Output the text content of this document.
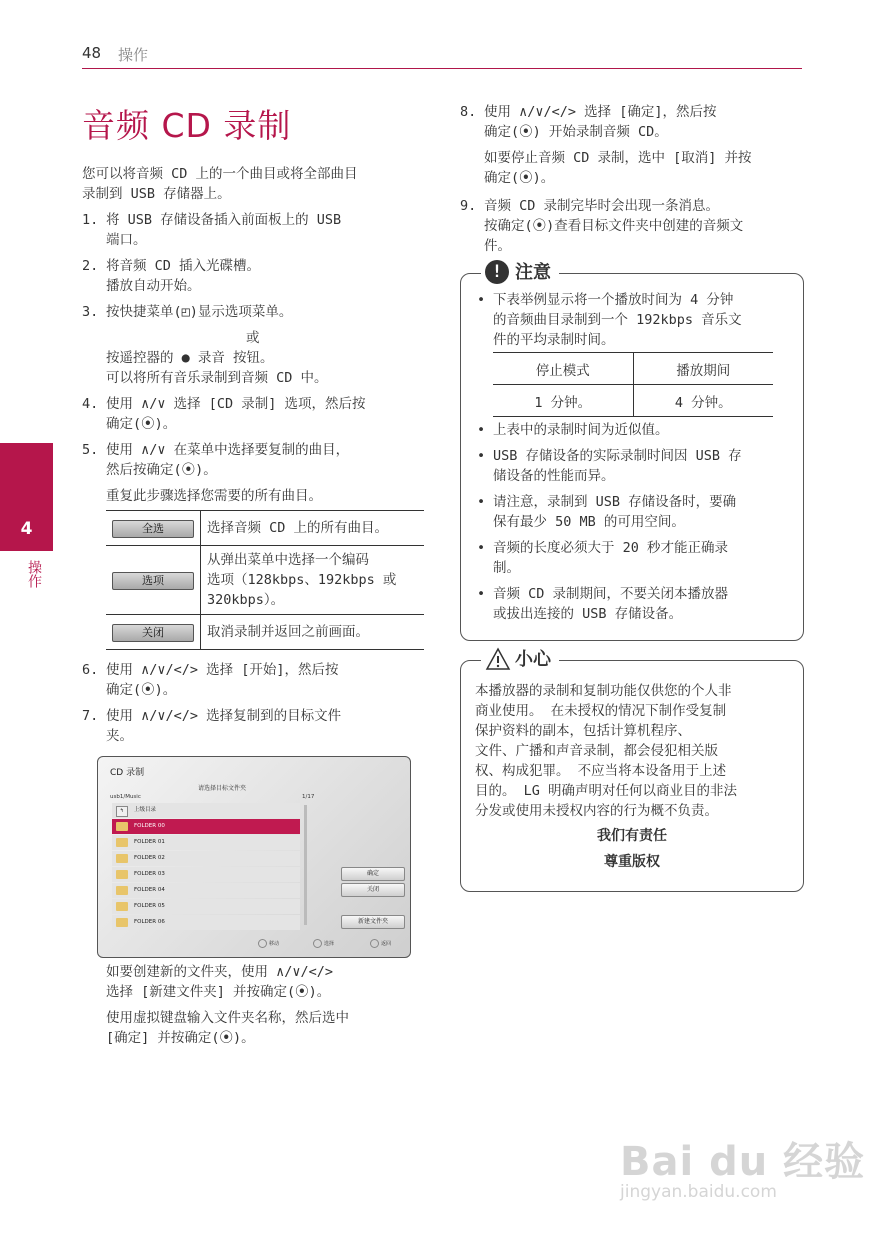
48 操作
4
操作
音频 CD 录制
您可以将音频 CD 上的一个曲目或将全部曲目
录制到 USB 存储器上。
1. 将 USB 存储设备插入前面板上的 USB
端口。
2. 将音频 CD 插入光碟槽。
播放自动开始。
3. 按快捷菜单(◰)显示选项菜单。
或
按遥控器的 ● 录音 按钮。
可以将所有音乐录制到音频 CD 中。
4. 使用 ∧/∨ 选择 [CD 录制] 选项，然后按
确定(⦿)。
5. 使用 ∧/∨ 在菜单中选择要复制的曲目，
然后按确定(⦿)。
重复此步骤选择您需要的所有曲目。
全选	选择音频 CD 上的所有曲目。

选项	从弹出菜单中选择一个编码
选项（128kbps、192kbps 或
320kbps）。

关闭	取消录制并返回之前画面。
6. 使用 ∧/∨/</> 选择 [开始]，然后按
确定(⦿)。
7. 使用 ∧/∨/</> 选择复制到的目标文件
夹。
CD 录制
请选择目标文件夹
usb1/Music	1/17
↰	上级目录
FOLDER 00
FOLDER 01
FOLDER 02
FOLDER 03
FOLDER 04
FOLDER 05
FOLDER 06
确定
关闭
新建文件夹
移动	选择	返回
如要创建新的文件夹，使用 ∧/∨/</>
选择 [新建文件夹] 并按确定(⦿)。
使用虚拟键盘输入文件夹名称，然后选中
[确定] 并按确定(⦿)。
8. 使用 ∧/∨/</> 选择 [确定]，然后按
确定(⦿) 开始录制音频 CD。
如要停止音频 CD 录制，选中 [取消] 并按
确定(⦿)。
9. 音频 CD 录制完毕时会出现一条消息。
按确定(⦿)查看目标文件夹中创建的音频文
件。
! 注意
• 下表举例显示将一个播放时间为 4 分钟
的音频曲目录制到一个 192kbps 音乐文
件的平均录制时间。
• 上表中的录制时间为近似值。
• USB 存储设备的实际录制时间因 USB 存
储设备的性能而异。
• 请注意，录制到 USB 存储设备时，要确
保有最少 50 MB 的可用空间。
• 音频的长度必须大于 20 秒才能正确录
制。
• 音频 CD 录制期间，不要关闭本播放器
或拔出连接的 USB 存储设备。
停止模式	播放期间
1 分钟。	4 分钟。
小心
本播放器的录制和复制功能仅供您的个人非
商业使用。 在未授权的情况下制作受复制
保护资料的副本，包括计算机程序、
文件、广播和声音录制，都会侵犯相关版
权、构成犯罪。 不应当将本设备用于上述
目的。 LG 明确声明对任何以商业目的非法
分发或使用未授权内容的行为概不负责。
我们有责任
尊重版权
Bai du 经验
jingyan.baidu.com
